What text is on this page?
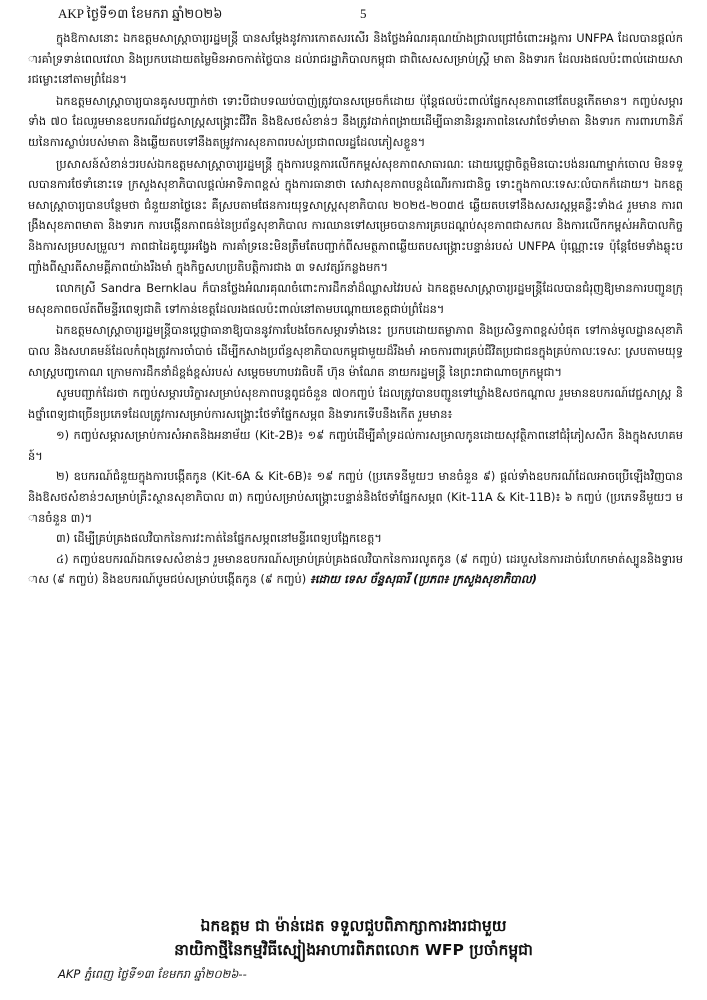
AKP ថ្ងៃទី១៣ ខែមករា ឆ្នាំ២០២៦	5

ក្នុងឱកាសនោះ ឯកឧត្តមសាស្ត្រាចារ្យរដ្ឋមន្ត្រី បានសម្ដែងនូវការកោតសរសើរ និងថ្លែងអំណរគុណយ៉ាងជ្រាលជ្រៅចំពោះអង្គការ UNFPA ដែលបានផ្ដល់ការគាំទ្រទាន់ពេលវេលា និងប្រកបដោយតម្លៃមិនអាចកាត់ថ្លៃបាន ដល់រាជរដ្ឋាភិបាលកម្ពុជា ជាពិសេសសម្រាប់ស្ត្រី មាតា និងទារក ដែលរងផលប៉ះពាល់ដោយសារជម្លោះនៅតាមព្រំដែន។

ឯកឧត្តមសាស្ត្រាចារ្យបានគូសបញ្ជាក់ថា ទោះបីជាបទឈប់បាញ់ត្រូវបានសម្រេចក៏ដោយ ប៉ុន្តែផលប៉ះពាល់ផ្នែកសុខភាពនៅតែបន្តកើតមាន។ កញ្ចប់សម្ភារទាំង ៧០ ដែលរួមមានឧបករណ៍វេជ្ជសាស្ត្រសង្គ្រោះជីវិត និងឱសថសំខាន់ៗ នឹងត្រូវដាក់ពង្រាយដើម្បីធានានិរន្តរភាពនៃសេវាថែទាំមាតា និងទារក ការពារហានិភ័យនៃការស្លាប់របស់មាតា និងឆ្លើយតបទៅនឹងតម្រូវការសុខភាពរបស់ប្រជាពលរដ្ឋដែលភៀសខ្លួន។

ប្រសាសន៍សំខាន់ៗរបស់ឯកឧត្តមសាស្ត្រាចារ្យរដ្ឋមន្ត្រី ក្នុងការបន្តការលើកកម្ពស់សុខភាពសាធារណៈ ដោយប្ដេជ្ញាចិត្តមិនបោះបង់នរណាម្នាក់ចោល មិនទទួលបានការថែទាំនោះទេ ក្រសួងសុខាភិបាលផ្ដល់អាទិភាពខ្ពស់ ក្នុងការធានាថា សេវាសុខភាពបន្តដំណើរការជានិច្ច ទោះក្នុងកាលៈទេសៈលំបាកក៏ដោយ។ ឯកឧត្តមសាស្ត្រាចារ្យបានបន្ថែមថា ជំនួយនាថ្ងៃនេះ គឺស្របតាមផែនការយុទ្ធសាស្ត្រសុខាភិបាល ២០២៥-២០៣៥ ឆ្លើយតបទៅនឹងសសរស្ដម្ភគន្លឹះទាំង៤ រួមមាន ការពង្រឹងសុខភាពមាតា និងទារក ការបង្កើនភាពធន់នៃប្រព័ន្ធសុខាភិបាល ការឈានទៅសម្រេចបានការគ្របដណ្ដប់សុខភាពជាសកល និងការលើកកម្ពស់អភិបាលកិច្ច និងការសម្របសម្រួល។ ភាពជាដៃគូយូរអង្វែង ការគាំទ្រនេះមិនត្រឹមតែបញ្ជាក់ពីសមត្ថភាពឆ្លើយតបសង្គ្រោះបន្ទាន់របស់ UNFPA ប៉ុណ្ណោះទេ ប៉ុន្តែថែមទាំងឆ្លុះបញ្ចាំងពីស្មារតីសាមគ្គីភាពយ៉ាងរឹងមាំ ក្នុងកិច្ចសហប្រតិបត្តិការជាង ៣ ទសវត្សរ៍កន្លងមក។

លោកស្រី Sandra Bernklau ក៏បានថ្លែងអំណរគុណចំពោះការដឹកនាំដ៏ឈ្លាសវៃរបស់ ឯកឧត្តមសាស្ត្រាចារ្យរដ្ឋមន្ត្រីដែលបានជំរុញឱ្យមានការបញ្ជូនក្រុមសុខភាពចល័តពីមន្ទីរពេទ្យជាតិ ទៅកាន់ខេត្តដែលរងផលប៉ះពាល់នៅតាមបណ្ដោយខេត្តជាប់ព្រំដែន។

ឯកឧត្តមសាស្ត្រាចារ្យរដ្ឋមន្ត្រីបានប្ដេជ្ញាធានាឱ្យបាននូវការបែងចែកសម្ភារទាំងនេះ ប្រកបដោយតម្លាភាព និងប្រសិទ្ធភាពខ្ពស់បំផុត ទៅកាន់មូលដ្ឋានសុខាភិបាល និងសហគមន៍ដែលកំពុងត្រូវការចាំបាច់ ដើម្បីកសាងប្រព័ន្ធសុខាភិបាលកម្ពុជាមួយដ៏រឹងមាំ អាចការពារគ្រប់ជីវិតប្រជាជនក្នុងគ្រប់កាលៈទេសៈ ស្របតាមយុទ្ធសាស្ត្របញ្ចកោណ ក្រោមការដឹកនាំដ៏ខ្ពង់ខ្ពស់របស់ សម្ដេចមហាបវរធិបតី ហ៊ុន ម៉ាណែត នាយករដ្ឋមន្ត្រី នៃព្រះរាជាណាចក្រកម្ពុជា។

សូមបញ្ជាក់ដែរថា កញ្ចប់សម្ភារបរិក្ខារសម្រាប់សុខភាពបន្តពូជចំនួន ៧០កញ្ចប់ ដែលត្រូវបានបញ្ជូនទៅឃ្លាំងឱសថកណ្ដាល រួមមានឧបករណ៍វេជ្ជសាស្ត្រ និងថ្នាំពេទ្យជាច្រើនប្រភេទដែលត្រូវការសម្រាប់ការសង្គ្រោះថែទាំផ្នែកសម្ភព និងទារកទើបនឹងកើត រួមមាន៖

១) កញ្ចប់សម្ភារសម្រាប់ការសំអាតនិងអនាម័យ (Kit-2B)៖ ១៩ កញ្ចប់ដើម្បីគាំទ្រដល់ការសម្រាលកូនដោយសុវត្ថិភាពនៅជំរុំភៀសសឹក និងក្នុងសហគមន៍។

២) ឧបករណ៍ជំនួយក្នុងការបង្កើតកូន (Kit-6A & Kit-6B)៖ ១៩ កញ្ចប់ (ប្រភេទនីមួយៗ មានចំនួន ៩) ផ្ដល់ទាំងឧបករណ៍ដែលអាចប្រើឡើងវិញបាន និងឱសថសំខាន់ៗសម្រាប់គ្រឹះស្ថានសុខាភិបាល ៣) កញ្ចប់សម្រាប់សង្គ្រោះបន្ទាន់និងថែទាំផ្នែកសម្ភព (Kit-11A & Kit-11B)៖ ៦ កញ្ចប់ (ប្រភេទនីមួយៗ មានចំនួន ៣)។

៣) ដើម្បីគ្រប់គ្រងផលវិបាកនៃការវះកាត់នៃផ្នែកសម្ភពនៅមន្ទីរពេទ្យបង្អែកខេត្ត។

៤) កញ្ចប់ឧបករណ៍ឯកទេសសំខាន់ៗ រួមមានឧបករណ៍សម្រាប់គ្រប់គ្រងផលវិបាកនៃការរលូតកូន (៩ កញ្ចប់) ដេរបួសនៃការដាច់រហែកមាត់ស្បូននិងទ្វារមាស (៩ កញ្ចប់) និងឧបករណ៍បូមជប់សម្រាប់បង្កើតកូន (៩ កញ្ចប់) ៖ដោយ ទេស ច័ន្ទសុធារី (ប្រភព៖ ក្រសួងសុខាភិបាល)

ឯកឧត្តម ជា ម៉ាន់ដេត ទទួលជួបពិភាក្សាការងារជាមួយ
នាយិកាថ្មីនៃកម្មវិធីស្បៀងអាហារពិភពលោក WFP ប្រចាំកម្ពុជា
AKP ភ្នំពេញ ថ្ងៃទី១៣ ខែមករា ឆ្នាំ២០២៦--
